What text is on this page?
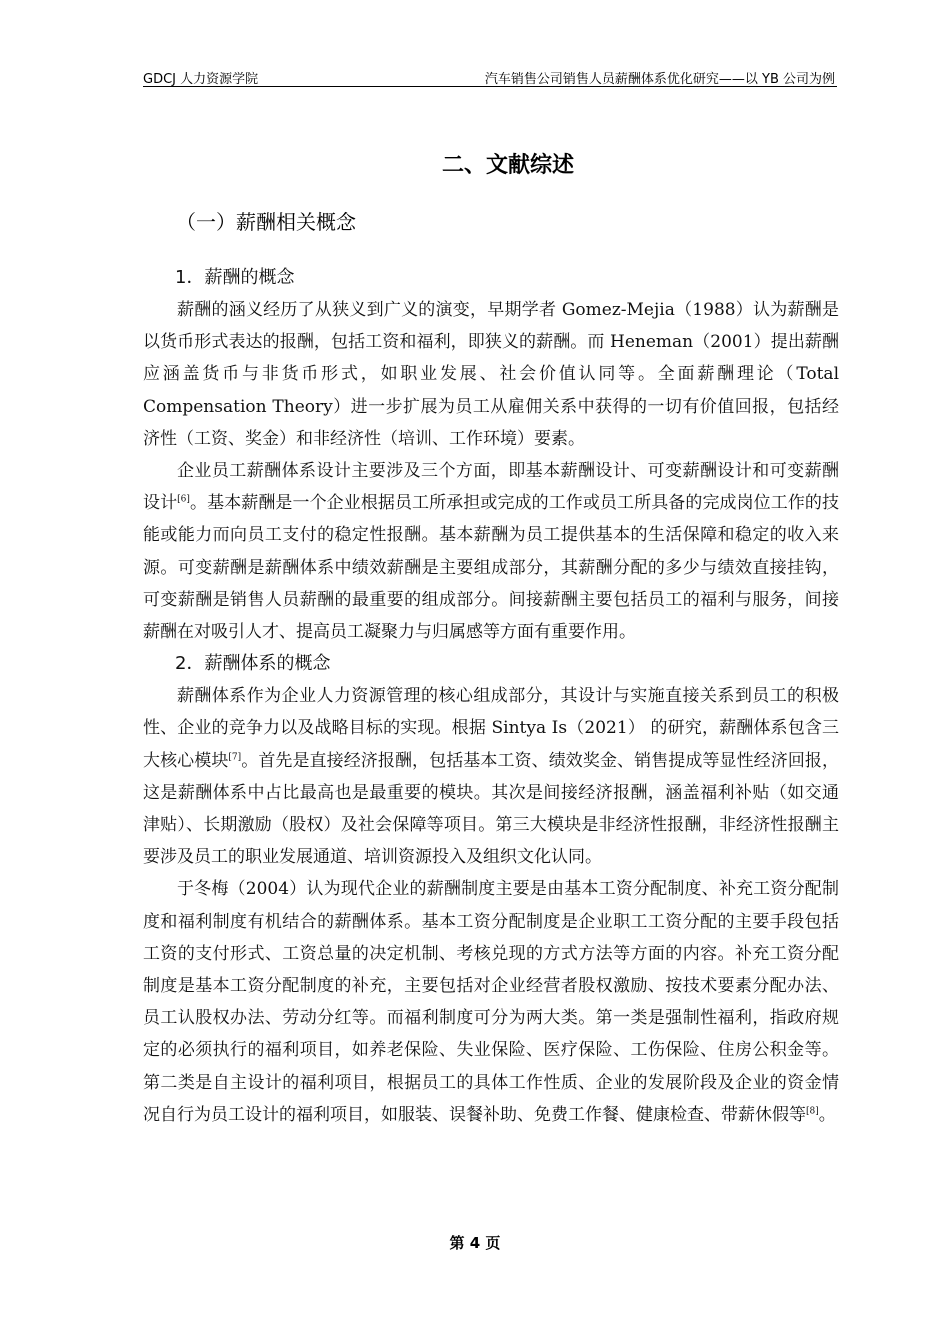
GDCJ 人力资源学院	汽车销售公司销售人员薪酬体系优化研究——以 YB 公司为例
二、文献综述
（一）薪酬相关概念
1．薪酬的概念

薪酬的涵义经历了从狭义到广义的演变，早期学者 Gomez-Mejia（1988）认为薪酬是以货币形式表达的报酬，包括工资和福利，即狭义的薪酬。而 Heneman（2001）提出薪酬应涵盖货币与非货币形式，如职业发展、社会价值认同等。全面薪酬理论（Total Compensation Theory）进一步扩展为员工从雇佣关系中获得的一切有价值回报，包括经济性（工资、奖金）和非经济性（培训、工作环境）要素。

企业员工薪酬体系设计主要涉及三个方面，即基本薪酬设计、可变薪酬设计和可变薪酬设计[6]。基本薪酬是一个企业根据员工所承担或完成的工作或员工所具备的完成岗位工作的技能或能力而向员工支付的稳定性报酬。基本薪酬为员工提供基本的生活保障和稳定的收入来源。可变薪酬是薪酬体系中绩效薪酬是主要组成部分，其薪酬分配的多少与绩效直接挂钩，可变薪酬是销售人员薪酬的最重要的组成部分。间接薪酬主要包括员工的福利与服务，间接薪酬在对吸引人才、提高员工凝聚力与归属感等方面有重要作用。

2．薪酬体系的概念

薪酬体系作为企业人力资源管理的核心组成部分，其设计与实施直接关系到员工的积极性、企业的竞争力以及战略目标的实现。根据 Sintya Is（2021） 的研究，薪酬体系包含三大核心模块[7]。首先是直接经济报酬，包括基本工资、绩效奖金、销售提成等显性经济回报，这是薪酬体系中占比最高也是最重要的模块。其次是间接经济报酬，涵盖福利补贴（如交通津贴）、长期激励（股权）及社会保障等项目。第三大模块是非经济性报酬，非经济性报酬主要涉及员工的职业发展通道、培训资源投入及组织文化认同。

于冬梅（2004）认为现代企业的薪酬制度主要是由基本工资分配制度、补充工资分配制度和福利制度有机结合的薪酬体系。基本工资分配制度是企业职工工资分配的主要手段包括工资的支付形式、工资总量的决定机制、考核兑现的方式方法等方面的内容。补充工资分配制度是基本工资分配制度的补充，主要包括对企业经营者股权激励、按技术要素分配办法、员工认股权办法、劳动分红等。而福利制度可分为两大类。第一类是强制性福利，指政府规定的必须执行的福利项目，如养老保险、失业保险、医疗保险、工伤保险、住房公积金等。第二类是自主设计的福利项目，根据员工的具体工作性质、企业的发展阶段及企业的资金情况自行为员工设计的福利项目，如服装、误餐补助、免费工作餐、健康检查、带薪休假等[8]。

第 4 页
